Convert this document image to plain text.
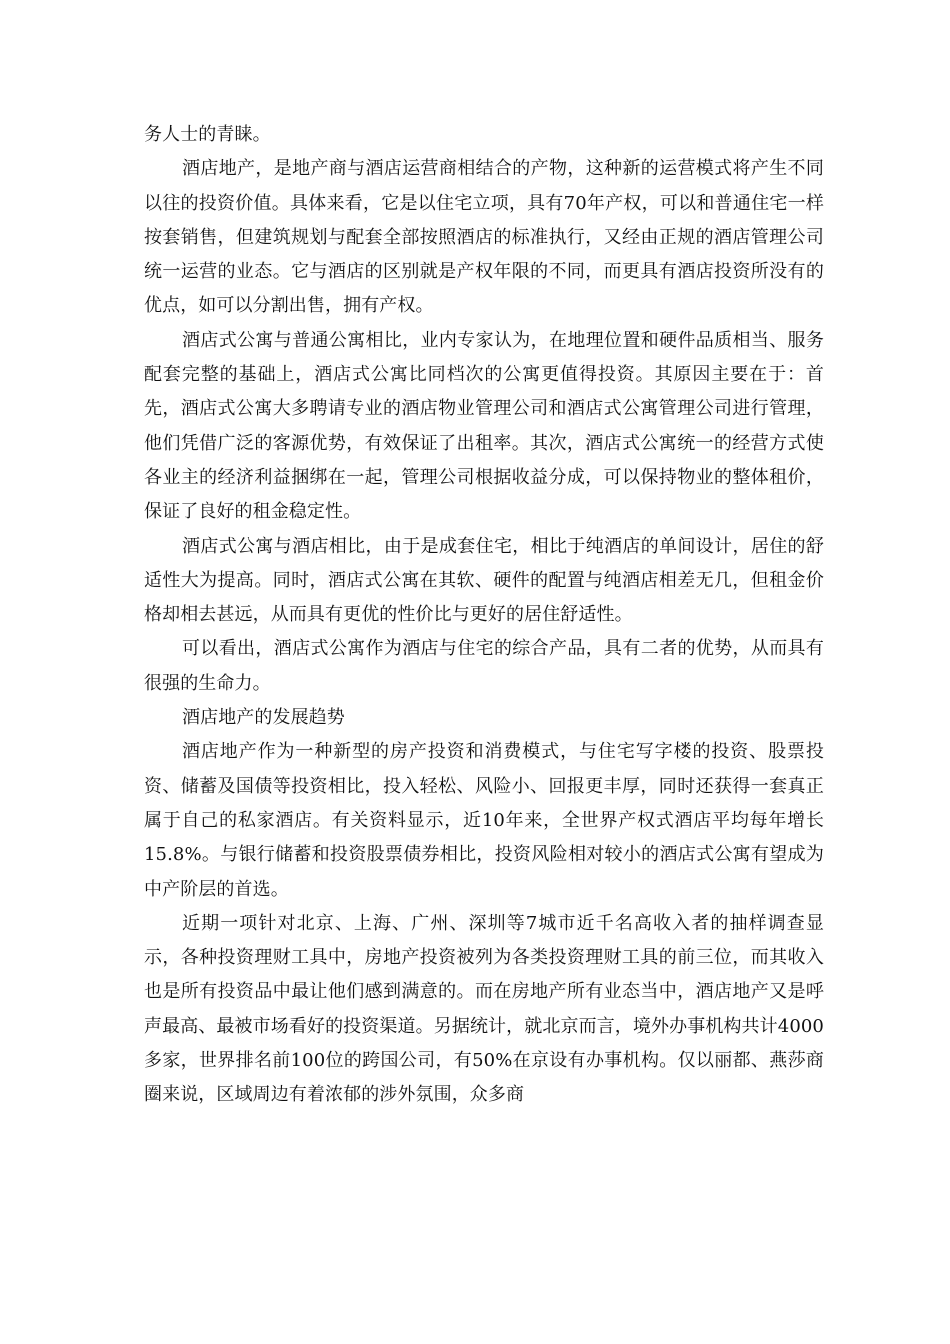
务人士的青睐。

酒店地产，是地产商与酒店运营商相结合的产物，这种新的运营模式将产生不同以往的投资价值。具体来看，它是以住宅立项，具有70年产权，可以和普通住宅一样按套销售，但建筑规划与配套全部按照酒店的标准执行，又经由正规的酒店管理公司统一运营的业态。它与酒店的区别就是产权年限的不同，而更具有酒店投资所没有的优点，如可以分割出售，拥有产权。

酒店式公寓与普通公寓相比，业内专家认为，在地理位置和硬件品质相当、服务配套完整的基础上，酒店式公寓比同档次的公寓更值得投资。其原因主要在于：首先，酒店式公寓大多聘请专业的酒店物业管理公司和酒店式公寓管理公司进行管理，他们凭借广泛的客源优势，有效保证了出租率。其次，酒店式公寓统一的经营方式使各业主的经济利益捆绑在一起，管理公司根据收益分成，可以保持物业的整体租价，保证了良好的租金稳定性。

酒店式公寓与酒店相比，由于是成套住宅，相比于纯酒店的单间设计，居住的舒适性大为提高。同时，酒店式公寓在其软、硬件的配置与纯酒店相差无几，但租金价格却相去甚远，从而具有更优的性价比与更好的居住舒适性。

可以看出，酒店式公寓作为酒店与住宅的综合产品，具有二者的优势，从而具有很强的生命力。

酒店地产的发展趋势

酒店地产作为一种新型的房产投资和消费模式，与住宅写字楼的投资、股票投资、储蓄及国债等投资相比，投入轻松、风险小、回报更丰厚，同时还获得一套真正属于自己的私家酒店。有关资料显示，近10年来，全世界产权式酒店平均每年增长15.8%。与银行储蓄和投资股票债券相比，投资风险相对较小的酒店式公寓有望成为中产阶层的首选。

近期一项针对北京、上海、广州、深圳等7城市近千名高收入者的抽样调查显示，各种投资理财工具中，房地产投资被列为各类投资理财工具的前三位，而其收入也是所有投资品中最让他们感到满意的。而在房地产所有业态当中，酒店地产又是呼声最高、最被市场看好的投资渠道。另据统计，就北京而言，境外办事机构共计4000多家，世界排名前100位的跨国公司，有50%在京设有办事机构。仅以丽都、燕莎商圈来说，区域周边有着浓郁的涉外氛围，众多商
